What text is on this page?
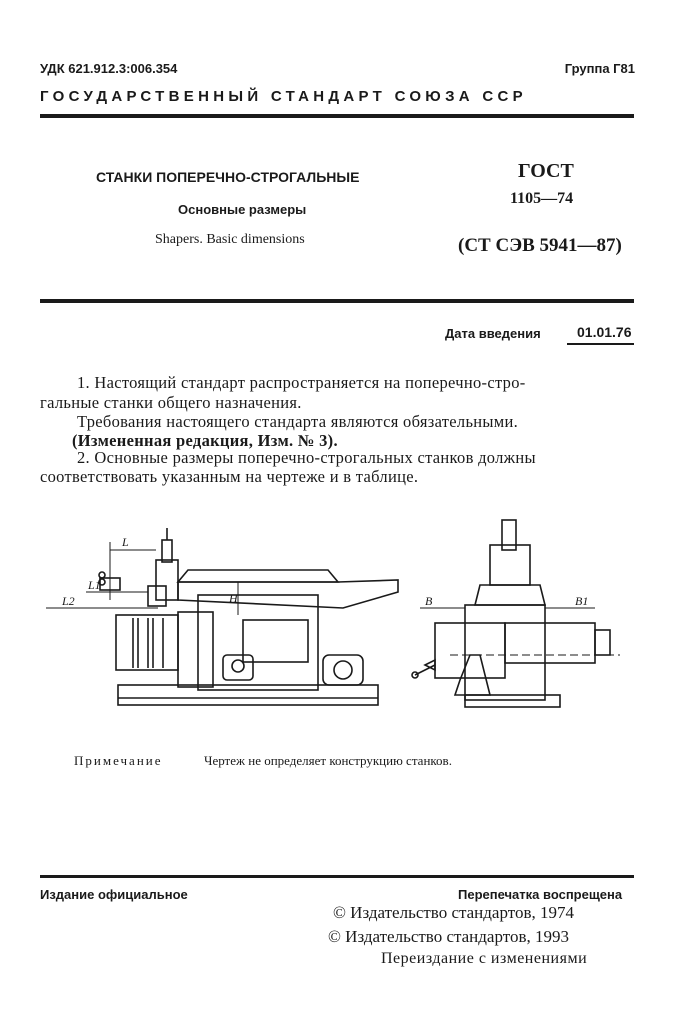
УДК 621.912.3:006.354	Группа Г81
ГОСУДАРСТВЕННЫЙ СТАНДАРТ СОЮЗА ССР
СТАНКИ ПОПЕРЕЧНО-СТРОГАЛЬНЫЕ
Основные размеры
Shapers. Basic dimensions
ГОСТ
1105—74
(СТ СЭВ 5941—87)
Дата введения	01.01.76
1. Настоящий стандарт распространяется на поперечно-стро-
гальные станки общего назначения.
Требования настоящего стандарта являются обязательными.
(Измененная редакция, Изм. № 3).
2. Основные размеры поперечно-строгальных станков должны
соответствовать указанным на чертеже и в таблице.
L
L1
L2	H	B	B1
Примечание	Чертеж не определяет конструкцию станков.
Издание официальное	Перепечатка воспрещена
© Издательство стандартов, 1974
© Издательство стандартов, 1993
Переиздание с изменениями
